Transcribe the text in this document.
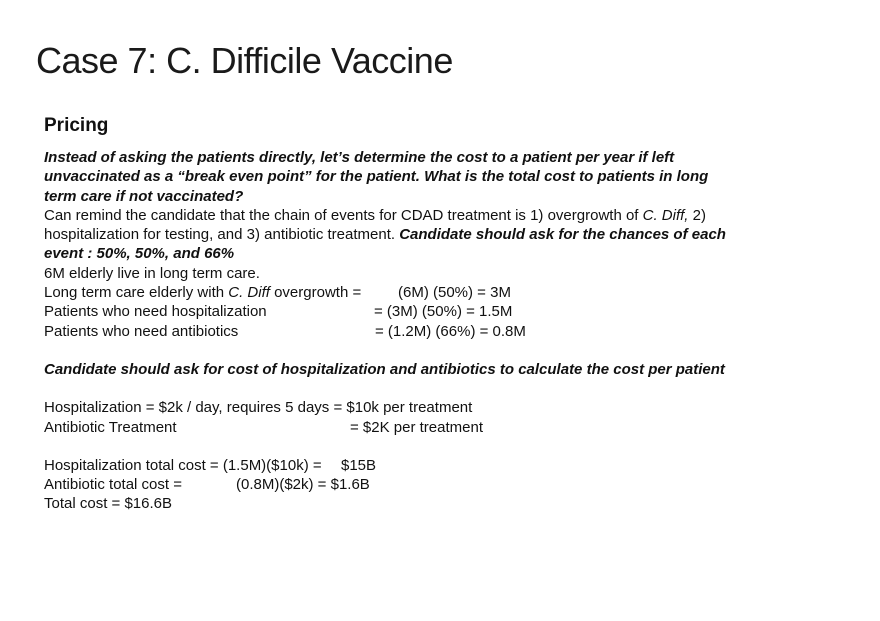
Case 7: C. Difficile Vaccine
Pricing

Instead of asking the patients directly, let’s determine the cost to a patient per year if left unvaccinated as a “break even point” for the patient. What is the total cost to patients in long term care if not vaccinated?

Can remind the candidate that the chain of events for CDAD treatment is 1) overgrowth of C. Diff, 2) hospitalization for testing, and 3) antibiotic treatment. Candidate should ask for the chances of each event : 50%, 50%, and 66%

6M elderly live in long term care.
Long term care elderly with C. Diff overgrowth = (6M) (50%) = 3M
Patients who need hospitalization	= (3M) (50%) = 1.5M
Patients who need antibiotics	= (1.2M) (66%) = 0.8M

Candidate should ask for cost of hospitalization and antibiotics to calculate the cost per patient

Hospitalization = $2k / day, requires 5 days = $10k per treatment
Antibiotic Treatment	= $2K per treatment
Hospitalization total cost = (1.5M)($10k) = $15B
Antibiotic total cost =	(0.8M)($2k) = $1.6B
Total cost = $16.6B
